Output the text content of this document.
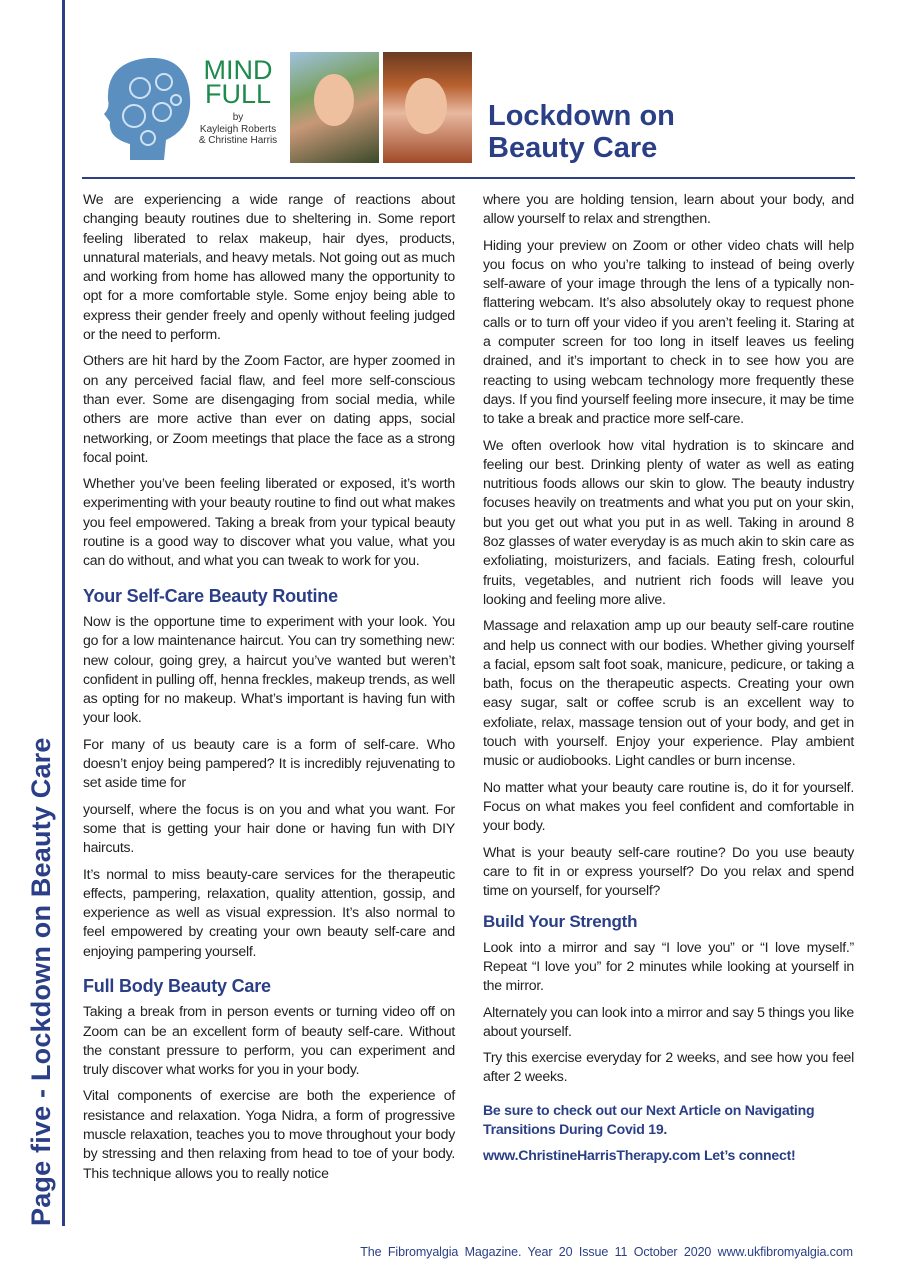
Page five - Lockdown on Beauty Care
MIND
FULL
by
Kayleigh Roberts
& Christine Harris
Lockdown on
Beauty Care

We are experiencing a wide range of reactions about changing beauty routines due to sheltering in. Some report feeling liberated to relax makeup, hair dyes, products, unnatural materials, and heavy metals. Not going out as much and working from home has allowed many the opportunity to opt for a more comfortable style. Some enjoy being able to express their gender freely and openly without feeling judged or the need to perform.

Others are hit hard by the Zoom Factor, are hyper zoomed in on any perceived facial flaw, and feel more self-conscious than ever. Some are disengaging from social media, while others are more active than ever on dating apps, social networking, or Zoom meetings that place the face as a strong focal point.

Whether you’ve been feeling liberated or exposed, it’s worth experimenting with your beauty routine to find out what makes you feel empowered. Taking a break from your typical beauty routine is a good way to discover what you value, what you can do without, and what you can tweak to work for you.

Your Self-Care Beauty Routine

Now is the opportune time to experiment with your look. You go for a low maintenance haircut. You can try something new: new colour, going grey, a haircut you’ve wanted but weren’t confident in pulling off, henna freckles, makeup trends, as well as opting for no makeup. What’s important is having fun with your look.

For many of us beauty care is a form of self-care. Who doesn’t enjoy being pampered? It is incredibly rejuvenating to set aside time for

yourself, where the focus is on you and what you want. For some that is getting your hair done or having fun with DIY haircuts.

It’s normal to miss beauty-care services for the therapeutic effects, pampering, relaxation, quality attention, gossip, and experience as well as visual expression. It’s also normal to feel empowered by creating your own beauty self-care and enjoying pampering yourself.

Full Body Beauty Care

Taking a break from in person events or turning video off on Zoom can be an excellent form of beauty self-care. Without the constant pressure to perform, you can experiment and truly discover what works for you in your body.

Vital components of exercise are both the experience of resistance and relaxation. Yoga Nidra, a form of progressive muscle relaxation, teaches you to move throughout your body by stressing and then relaxing from head to toe of your body. This technique allows you to really notice

where you are holding tension, learn about your body, and allow yourself to relax and strengthen.

Hiding your preview on Zoom or other video chats will help you focus on who you’re talking to instead of being overly self-aware of your image through the lens of a typically non-flattering webcam. It’s also absolutely okay to request phone calls or to turn off your video if you aren’t feeling it. Staring at a computer screen for too long in itself leaves us feeling drained, and it’s important to check in to see how you are reacting to using webcam technology more frequently these days. If you find yourself feeling more insecure, it may be time to take a break and practice more self-care.

We often overlook how vital hydration is to skincare and feeling our best. Drinking plenty of water as well as eating nutritious foods allows our skin to glow. The beauty industry focuses heavily on treatments and what you put on your skin, but you get out what you put in as well. Taking in around 8 8oz glasses of water everyday is as much akin to skin care as exfoliating, moisturizers, and facials. Eating fresh, colourful fruits, vegetables, and nutrient rich foods will leave you looking and feeling more alive.

Massage and relaxation amp up our beauty self-care routine and help us connect with our bodies. Whether giving yourself a facial, epsom salt foot soak, manicure, pedicure, or taking a bath, focus on the therapeutic aspects. Creating your own easy sugar, salt or coffee scrub is an excellent way to exfoliate, relax, massage tension out of your body, and get in touch with yourself. Enjoy your experience. Play ambient music or audiobooks. Light candles or burn incense.

No matter what your beauty care routine is, do it for yourself. Focus on what makes you feel confident and comfortable in your body.

What is your beauty self-care routine? Do you use beauty care to fit in or express yourself? Do you relax and spend time on yourself, for yourself?

Build Your Strength

Look into a mirror and say “I love you” or “I love myself.” Repeat “I love you” for 2 minutes while looking at yourself in the mirror.

Alternately you can look into a mirror and say 5 things you like about yourself.

Try this exercise everyday for 2 weeks, and see how you feel after 2 weeks.

Be sure to check out our Next Article on Navigating Transitions During Covid 19.

www.ChristineHarrisTherapy.com Let’s connect!

The Fibromyalgia Magazine. Year 20 Issue 11 October 2020 www.ukfibromyalgia.com
